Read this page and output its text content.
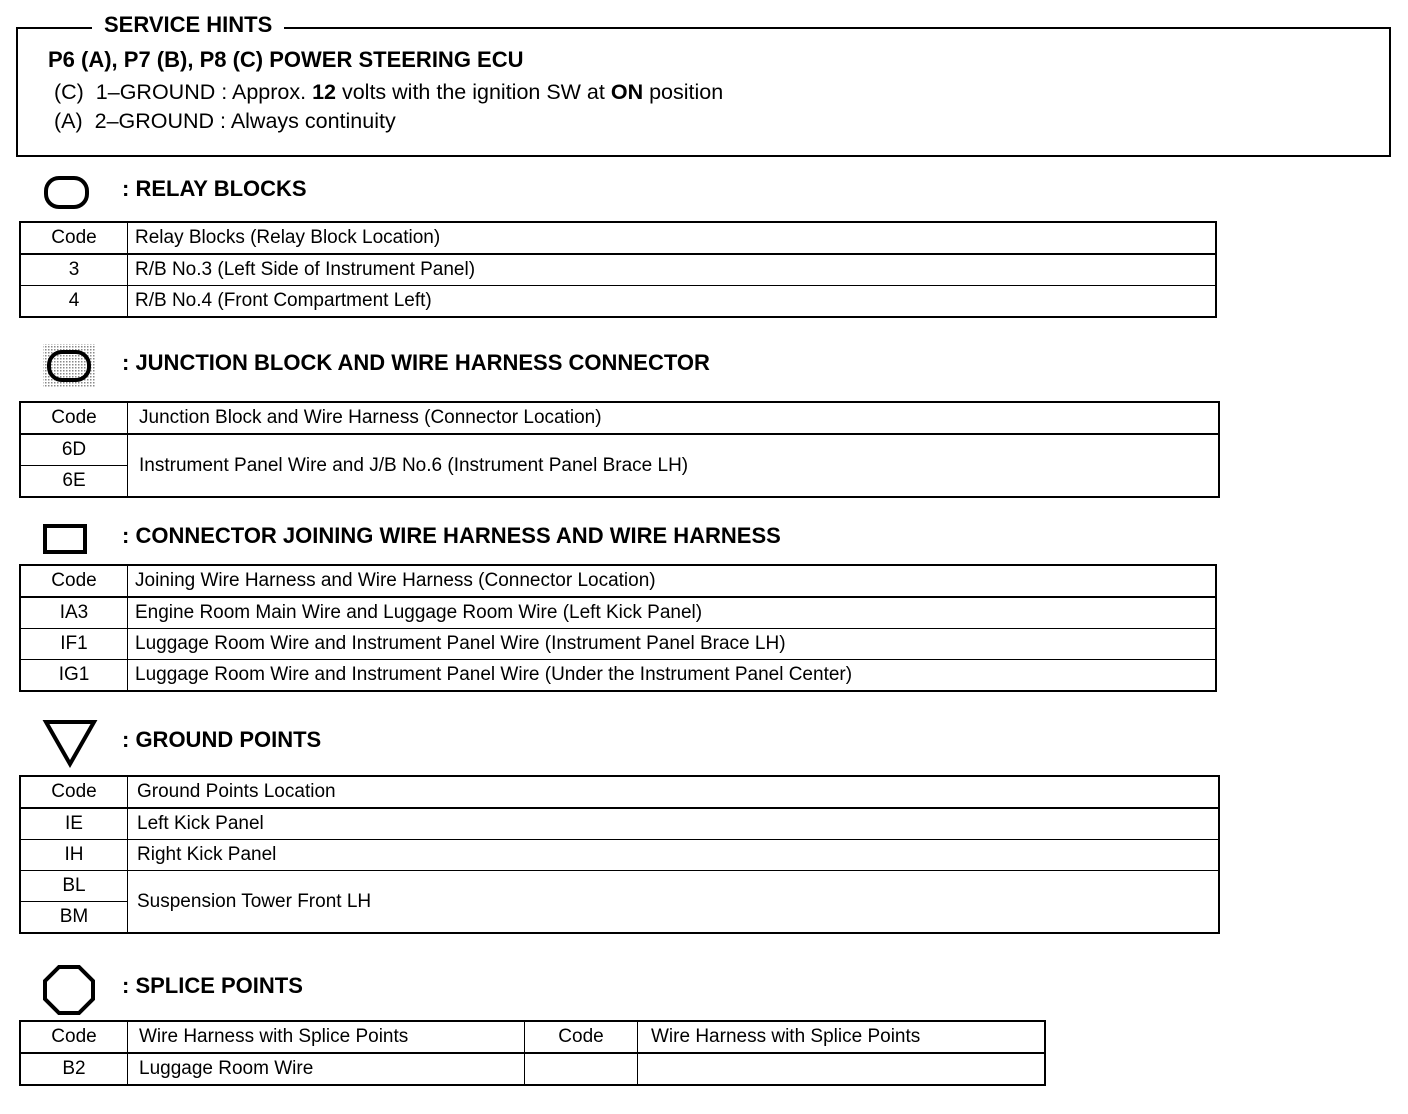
SERVICE HINTS
P6 (A), P7 (B), P8 (C) POWER STEERING ECU
(C)  1–GROUND : Approx. 12 volts with the ignition SW at ON position
(A)  2–GROUND : Always continuity
: RELAY BLOCKS
Code	Relay Blocks (Relay Block Location)
3	R/B No.3 (Left Side of Instrument Panel)
4	R/B No.4 (Front Compartment Left)
: JUNCTION BLOCK AND WIRE HARNESS CONNECTOR
Code	Junction Block and Wire Harness (Connector Location)
6D	Instrument Panel Wire and J/B No.6 (Instrument Panel Brace LH)
6E	
: CONNECTOR JOINING WIRE HARNESS AND WIRE HARNESS
Code	Joining Wire Harness and Wire Harness (Connector Location)
IA3	Engine Room Main Wire and Luggage Room Wire (Left Kick Panel)
IF1	Luggage Room Wire and Instrument Panel Wire (Instrument Panel Brace LH)
IG1	Luggage Room Wire and Instrument Panel Wire (Under the Instrument Panel Center)
: GROUND POINTS
Code	Ground Points Location
IE	Left Kick Panel
IH	Right Kick Panel
BL	Suspension Tower Front LH
BM	
: SPLICE POINTS
Code	Wire Harness with Splice Points	Code	Wire Harness with Splice Points
B2	Luggage Room Wire		
